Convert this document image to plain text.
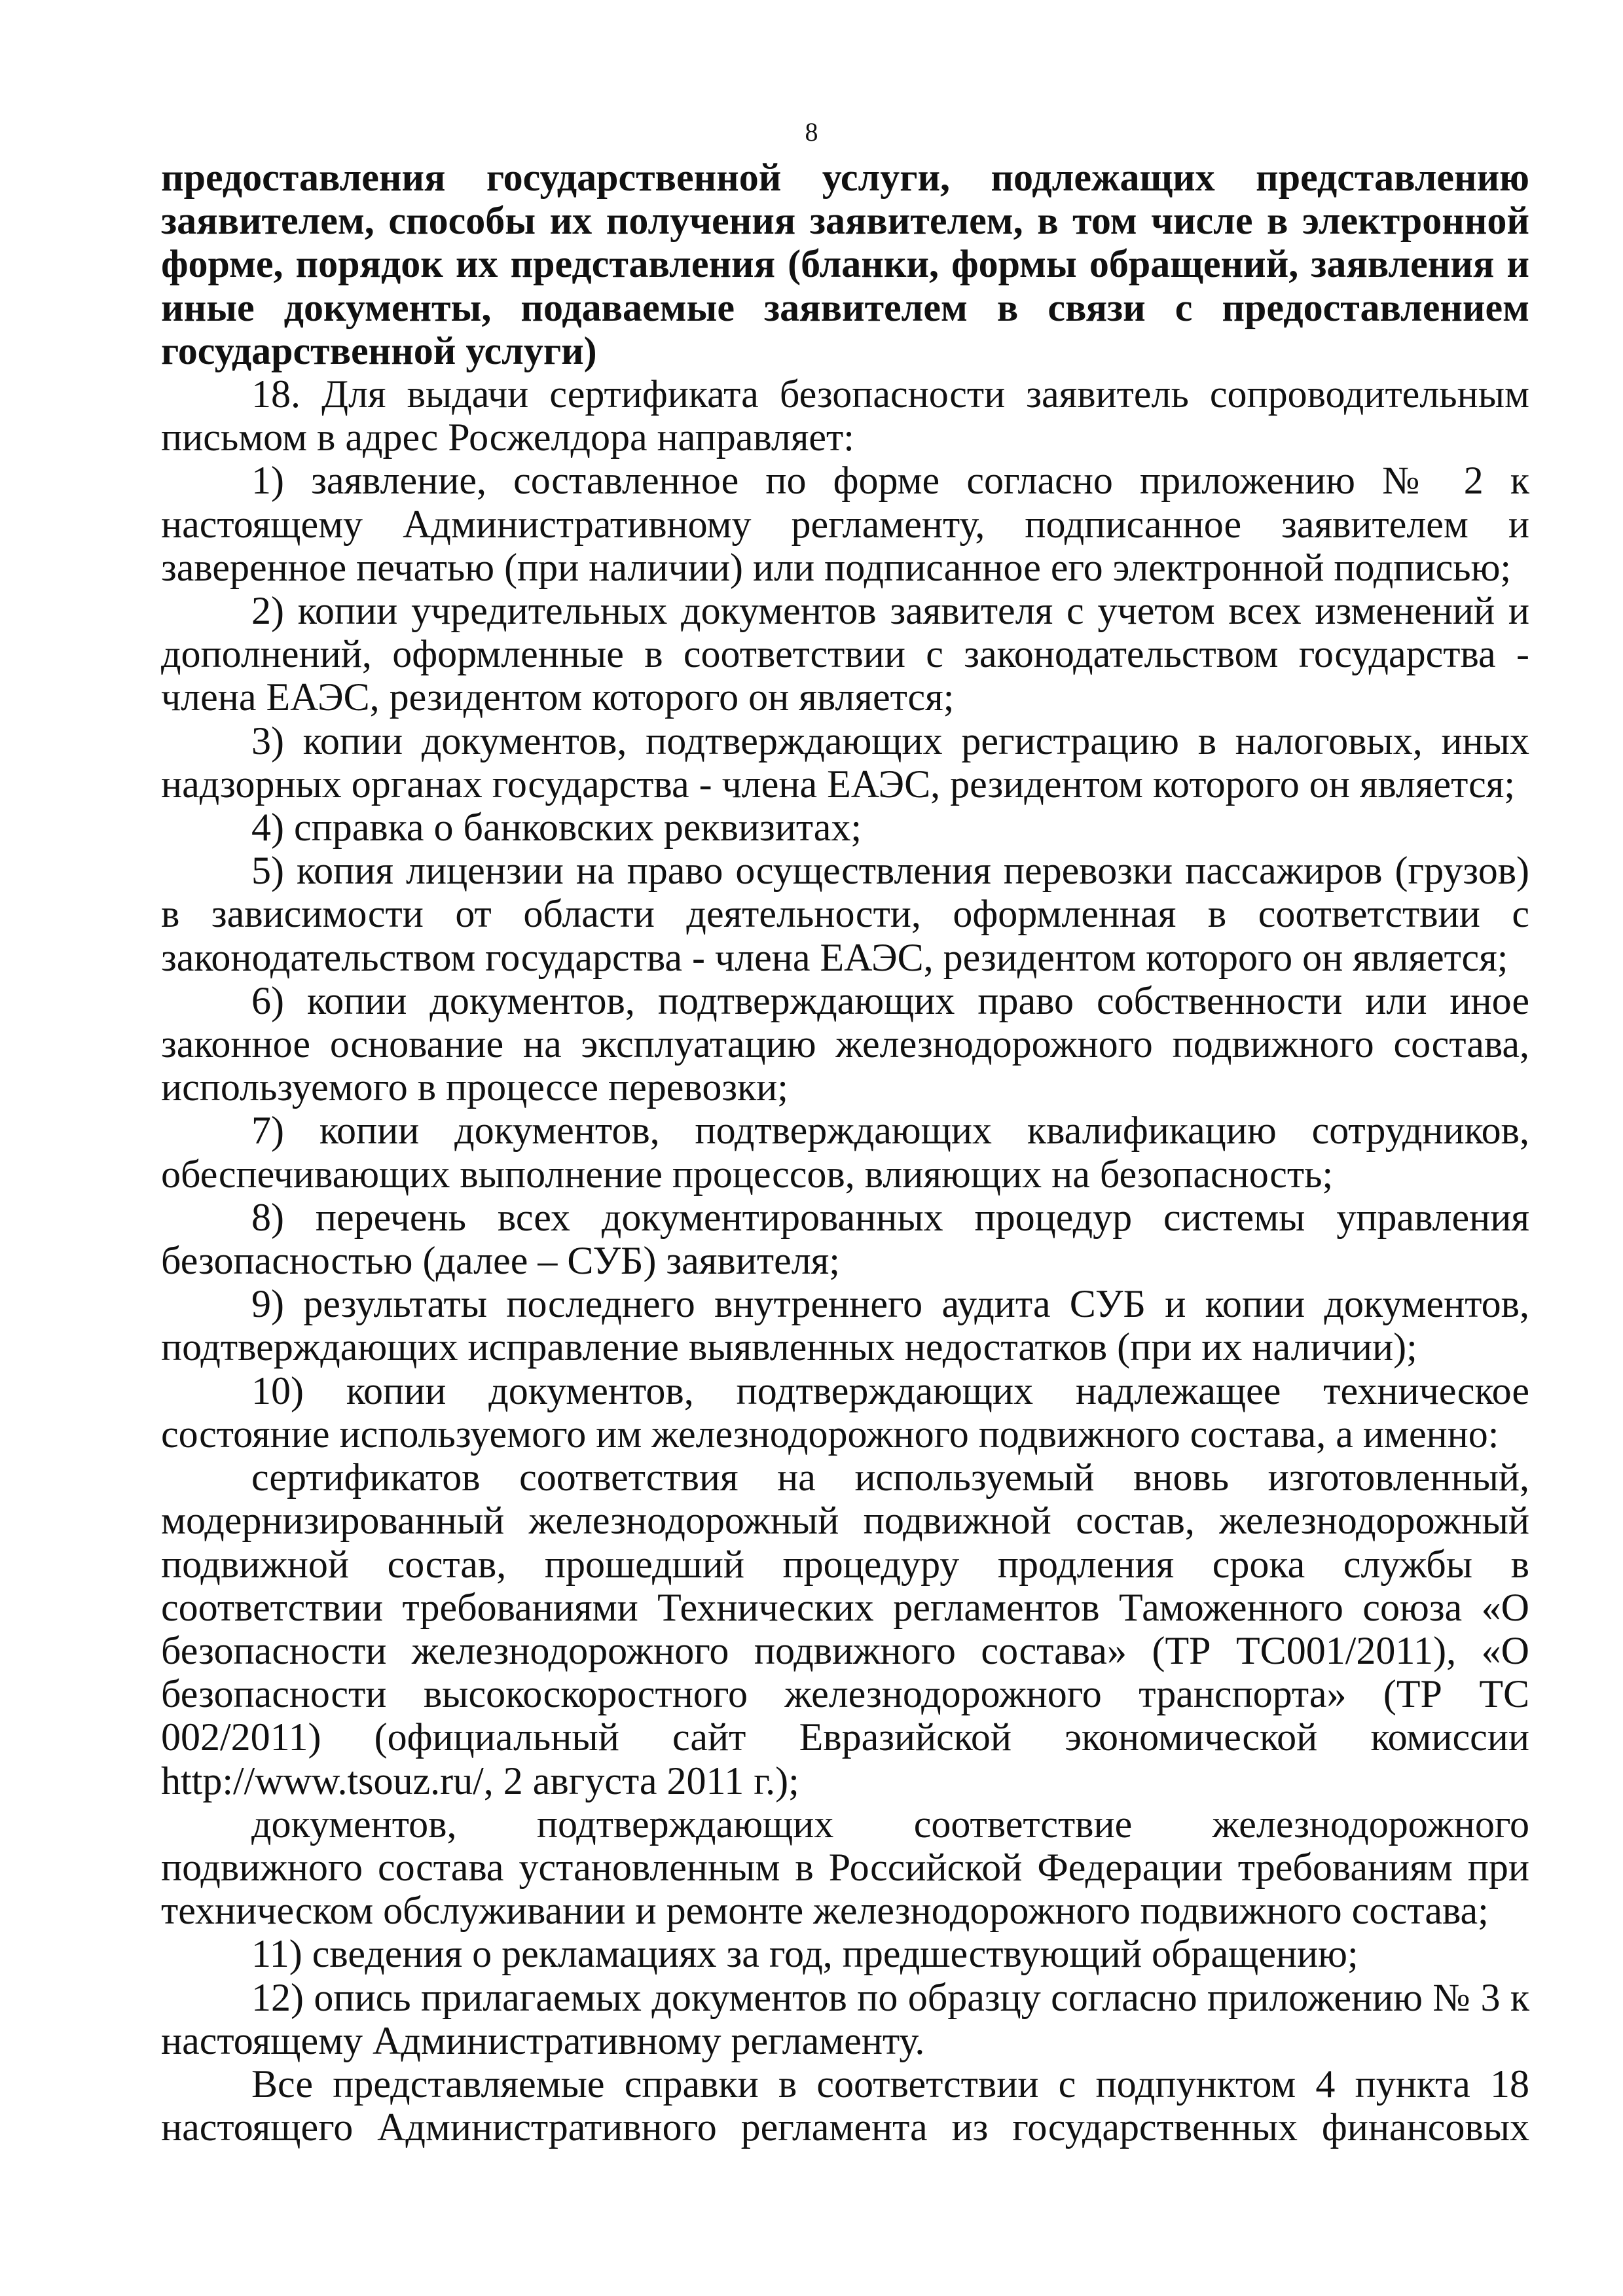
8

предоставления государственной услуги, подлежащих представлению заявителем, способы их получения заявителем, в том числе в электронной форме, порядок их представления (бланки, формы обращений, заявления и иные документы, подаваемые заявителем в связи с предоставлением государственной услуги)

18. Для выдачи сертификата безопасности заявитель сопроводительным письмом в адрес Росжелдора направляет:

1) заявление, составленное по форме согласно приложению № 2 к настоящему Административному регламенту, подписанное заявителем и заверенное печатью (при наличии) или подписанное его электронной подписью;

2) копии учредительных документов заявителя с учетом всех изменений и дополнений, оформленные в соответствии с законодательством государства - члена ЕАЭС, резидентом которого он является;

3) копии документов, подтверждающих регистрацию в налоговых, иных надзорных органах государства - члена ЕАЭС, резидентом которого он является;

4) справка о банковских реквизитах;

5) копия лицензии на право осуществления перевозки пассажиров (грузов) в зависимости от области деятельности, оформленная в соответствии с законодательством государства - члена ЕАЭС, резидентом которого он является;

6) копии документов, подтверждающих право собственности или иное законное основание на эксплуатацию железнодорожного подвижного состава, используемого в процессе перевозки;

7) копии документов, подтверждающих квалификацию сотрудников, обеспечивающих выполнение процессов, влияющих на безопасность;

8) перечень всех документированных процедур системы управления безопасностью (далее – СУБ) заявителя;

9) результаты последнего внутреннего аудита СУБ и копии документов, подтверждающих исправление выявленных недостатков (при их наличии);

10) копии документов, подтверждающих надлежащее техническое состояние используемого им железнодорожного подвижного состава, а именно:

сертификатов соответствия на используемый вновь изготовленный, модернизированный железнодорожный подвижной состав, железнодорожный подвижной состав, прошедший процедуру продления срока службы в соответствии требованиями Технических регламентов Таможенного союза «О безопасности железнодорожного подвижного состава» (ТР ТС001/2011), «О безопасности высокоскоростного железнодорожного транспорта» (ТР ТС 002/2011) (официальный сайт Евразийской экономической комиссии http://www.tsouz.ru/, 2 августа 2011 г.);

документов, подтверждающих соответствие железнодорожного подвижного состава установленным в Российской Федерации требованиям при техническом обслуживании и ремонте железнодорожного подвижного состава;

11) сведения о рекламациях за год, предшествующий обращению;

12) опись прилагаемых документов по образцу согласно приложению № 3 к настоящему Административному регламенту.

Все представляемые справки в соответствии с подпунктом 4 пункта 18 настоящего Административного регламента из государственных финансовых
